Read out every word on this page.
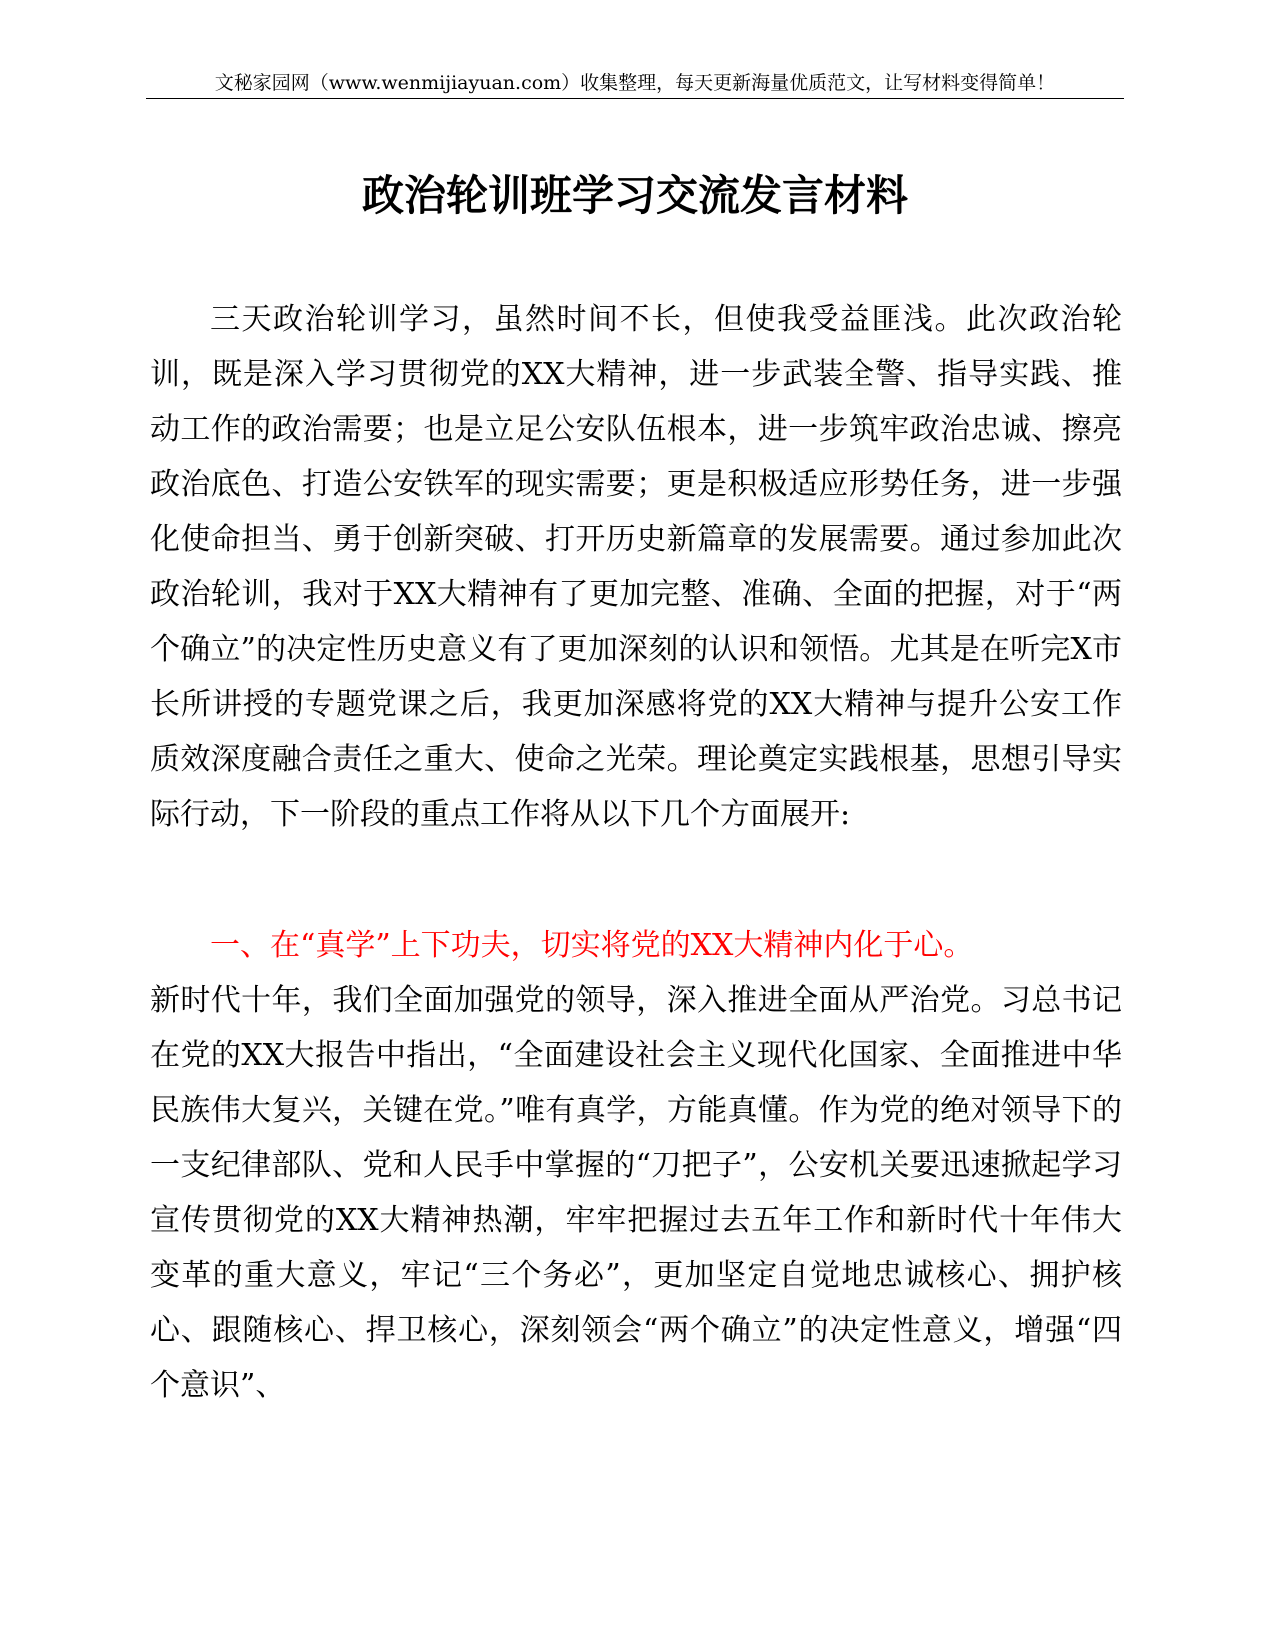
文秘家园网（www.wenmijiayuan.com）收集整理，每天更新海量优质范文，让写材料变得简单！
政治轮训班学习交流发言材料

三天政治轮训学习，虽然时间不长，但使我受益匪浅。此次政治轮训，既是深入学习贯彻党的XX大精神，进一步武装全警、指导实践、推动工作的政治需要；也是立足公安队伍根本，进一步筑牢政治忠诚、擦亮政治底色、打造公安铁军的现实需要；更是积极适应形势任务，进一步强化使命担当、勇于创新突破、打开历史新篇章的发展需要。通过参加此次政治轮训，我对于XX大精神有了更加完整、准确、全面的把握，对于“两个确立”的决定性历史意义有了更加深刻的认识和领悟。尤其是在听完X市长所讲授的专题党课之后，我更加深感将党的XX大精神与提升公安工作质效深度融合责任之重大、使命之光荣。理论奠定实践根基，思想引导实际行动，下一阶段的重点工作将从以下几个方面展开:

一、在“真学”上下功夫，切实将党的XX大精神内化于心。
新时代十年，我们全面加强党的领导，深入推进全面从严治党。习总书记在党的XX大报告中指出，“全面建设社会主义现代化国家、全面推进中华民族伟大复兴，关键在党。”唯有真学，方能真懂。作为党的绝对领导下的一支纪律部队、党和人民手中掌握的“刀把子”，公安机关要迅速掀起学习宣传贯彻党的XX大精神热潮，牢牢把握过去五年工作和新时代十年伟大变革的重大意义，牢记“三个务必”，更加坚定自觉地忠诚核心、拥护核心、跟随核心、捍卫核心，深刻领会“两个确立”的决定性意义，增强“四个意识”、
